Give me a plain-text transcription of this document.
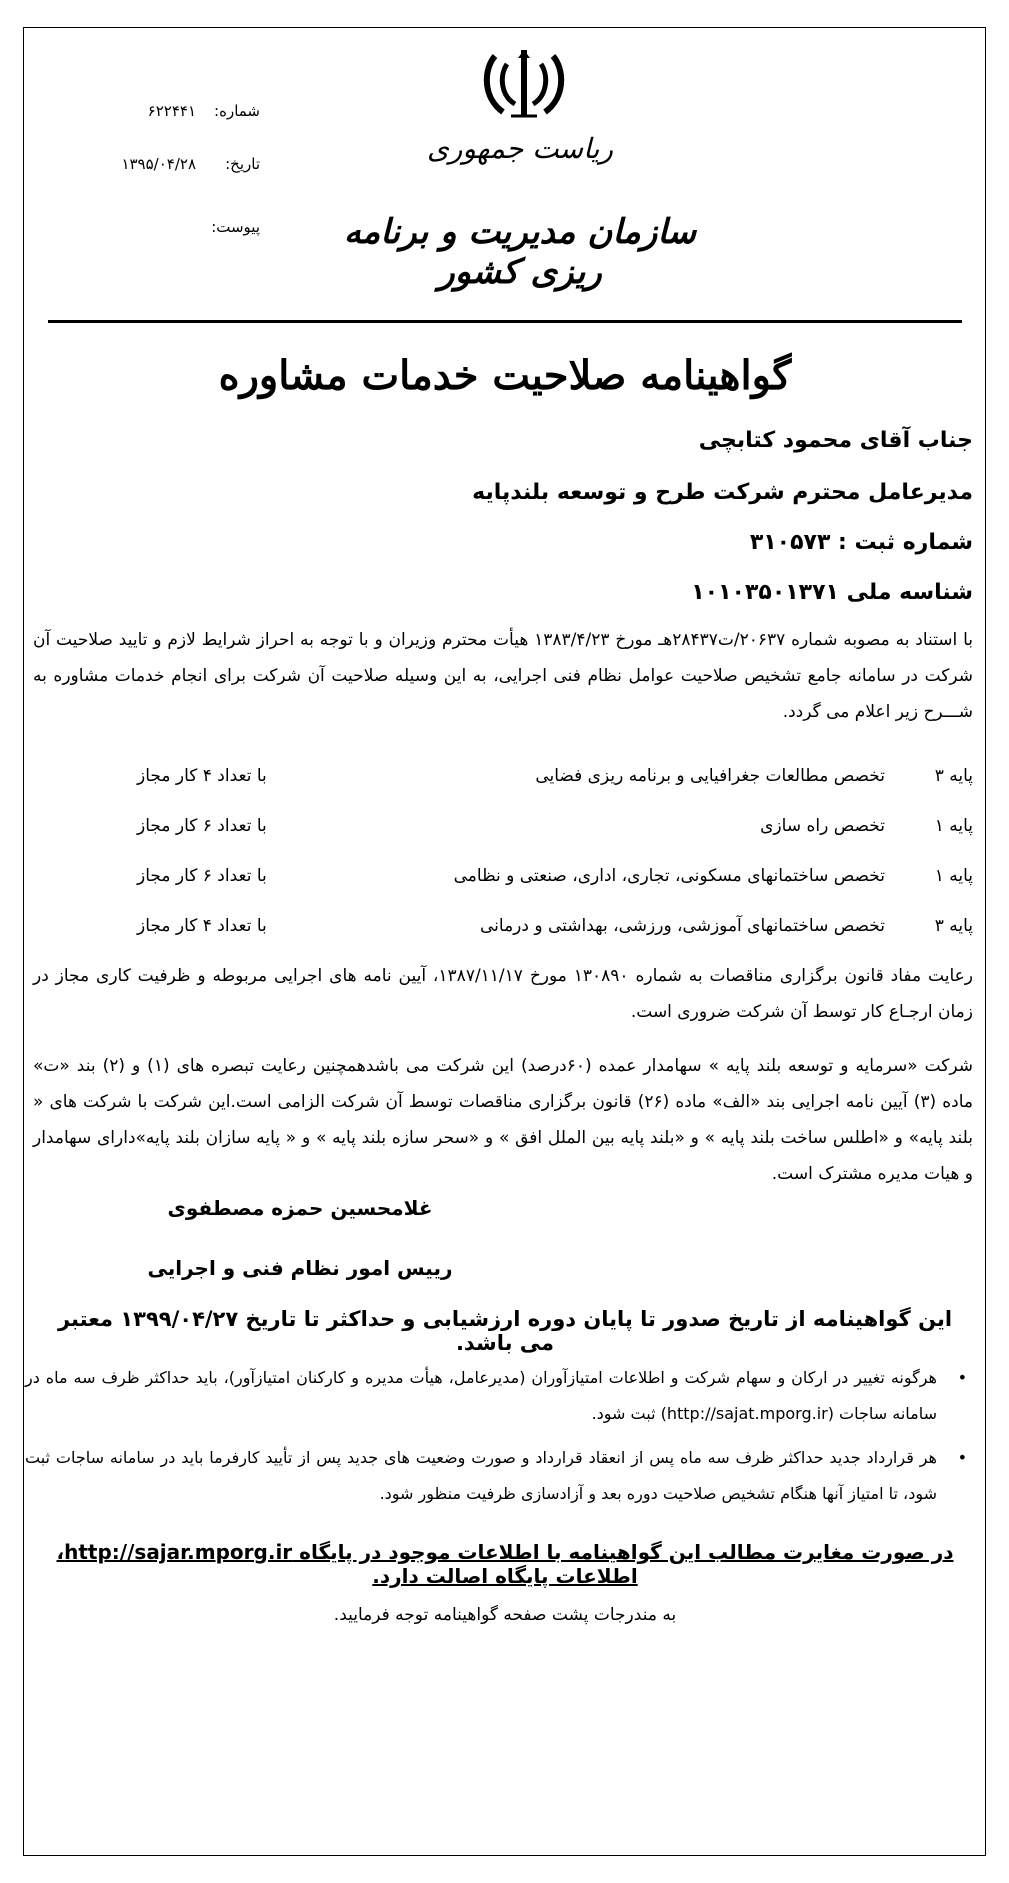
ریاست جمهوری
سازمان مدیریت و برنامه ریزی کشور
شماره:۶۲۲۴۴۱
تاریخ:۱۳۹۵/۰۴/۲۸
پیوست:
گواهینامه صلاحیت خدمات مشاوره
جناب آقای محمود کتابچی
مدیرعامل محترم شرکت طرح و توسعه بلندپایه
شماره ثبت : ۳۱۰۵۷۳
شناسه ملی ۱۰۱۰۳۵۰۱۳۷۱
با استناد به مصوبه شماره ۲۰۶۳۷/ت۲۸۴۳۷هـ مورخ ۱۳۸۳/۴/۲۳ هیأت محترم وزیران و با توجه به احراز شرایط لازم و تایید صلاحیت آن شرکت در سامانه جامع تشخیص صلاحیت عوامل نظام فنی اجرایی، به این وسیله صلاحیت آن شرکت برای انجام خدمات مشاوره به شـــرح زیر اعلام می گردد.
پایه ۳
تخصص مطالعات جغرافیایی و برنامه ریزی فضایی
با تعداد ۴ کار مجاز
پایه ۱
تخصص راه سازی
با تعداد ۶ کار مجاز
پایه ۱
تخصص ساختمانهای مسکونی، تجاری، اداری، صنعتی و نظامی
با تعداد ۶ کار مجاز
پایه ۳
تخصص ساختمانهای آموزشی، ورزشی، بهداشتی و درمانی
با تعداد ۴ کار مجاز
رعایت مفاد قانون برگزاری مناقصات به شماره ۱۳۰۸۹۰ مورخ ۱۳۸۷/۱۱/۱۷، آیین نامه های اجرایی مربوطه و ظرفیت کاری مجاز در زمان ارجـاع کار توسط آن شرکت ضروری است.
شرکت «سرمایه و توسعه بلند پایه » سهامدار عمده (۶۰درصد) این شرکت می باشدهمچنین رعایت تبصره های (۱) و (۲) بند «ت» ماده (۳) آیین نامه اجرایی بند «الف» ماده (۲۶) قانون برگزاری مناقصات توسط آن شرکت الزامی است.این شرکت با شرکت های « بلند پایه» و «اطلس ساخت بلند پایه » و «بلند پایه بین الملل افق » و «سحر سازه بلند پایه » و « پایه سازان بلند پایه»دارای سهامدار و هیات مدیره مشترک است.
غلامحسین حمزه مصطفوی
رییس امور نظام فنی و اجرایی
این گواهینامه از تاریخ صدور تا پایان دوره ارزشیابی و حداکثر تا تاریخ ۱۳۹۹/۰۴/۲۷ معتبر می باشد.
•
هرگونه تغییر در ارکان و سهام شرکت و اطلاعات امتیازآوران (مدیرعامل، هیأت مدیره و کارکنان امتیازآور)، باید حداکثر ظرف سه ماه در سامانه ساجات (http://sajat.mporg.ir) ثبت شود.
•
هر قرارداد جدید حداکثر ظرف سه ماه پس از انعقاد قرارداد و صورت وضعیت های جدید پس از تأیید کارفرما باید در سامانه ساجات ثبت شود، تا امتیاز آنها هنگام تشخیص صلاحیت دوره بعد و آزادسازی ظرفیت منظور شود.
در صورت مغایرت مطالب این گواهینامه با اطلاعات موجود در پایگاه http://sajar.mporg.ir، اطلاعات پایگاه اصالت دارد.
به مندرجات پشت صفحه گواهینامه توجه فرمایید.
